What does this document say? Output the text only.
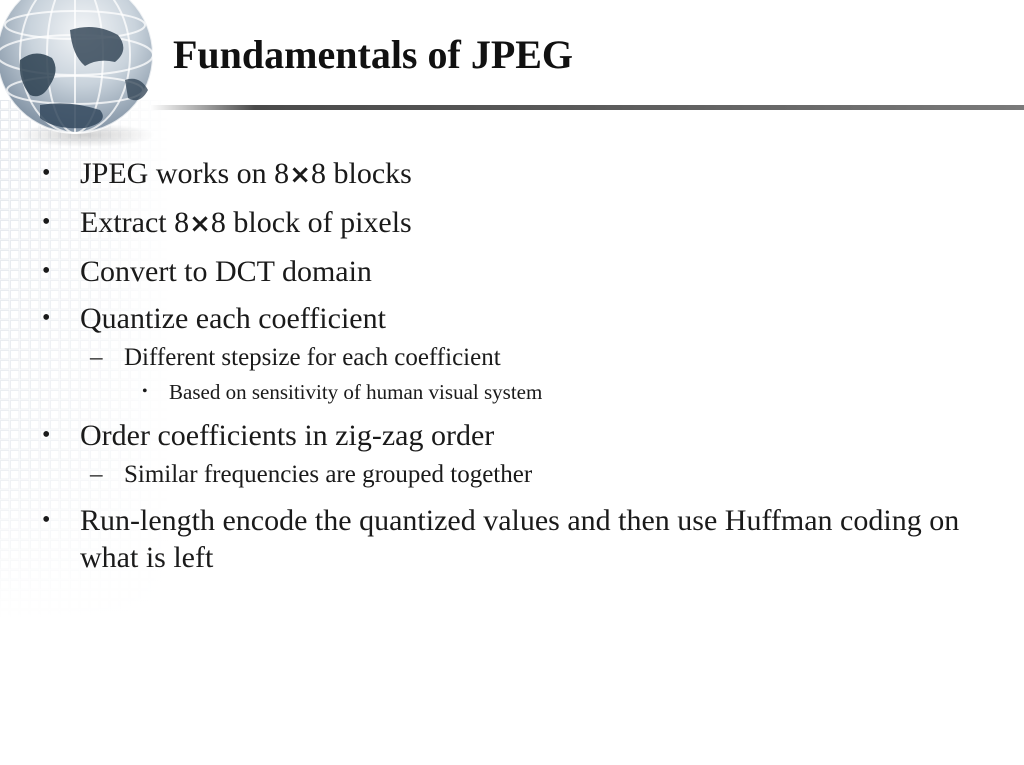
Fundamentals of JPEG
• JPEG works on 8×8 blocks
• Extract 8×8 block of pixels
• Convert to DCT domain
• Quantize each coefficient
– Different stepsize for each coefficient
• Based on sensitivity of human visual system
• Order coefficients in zig-zag order
– Similar frequencies are grouped together
• Run-length encode the quantized values and then use Huffman coding on what is left
